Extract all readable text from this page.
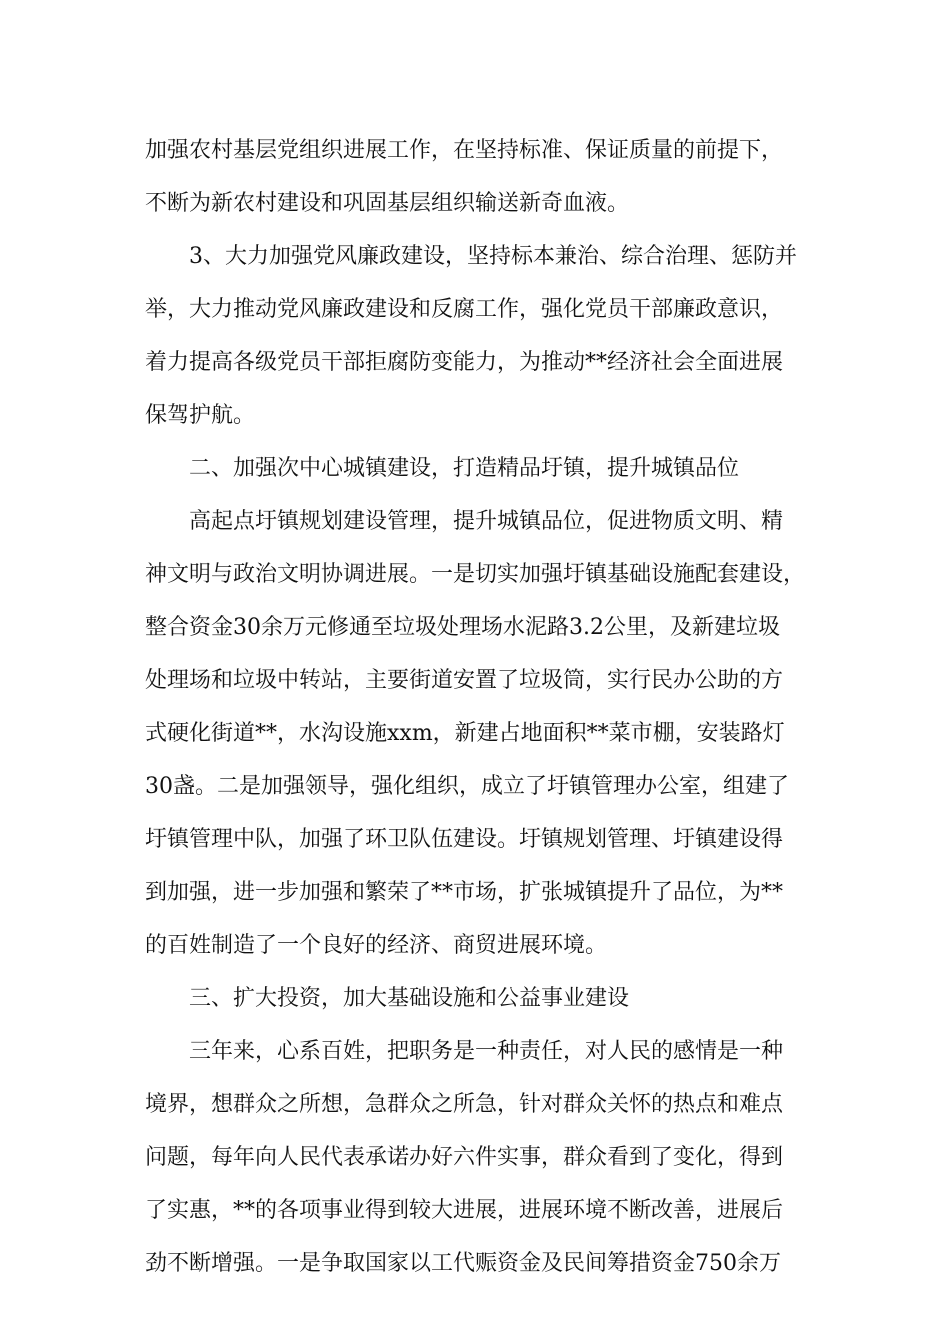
加强农村基层党组织进展工作，在坚持标准、保证质量的前提下，

不断为新农村建设和巩固基层组织输送新奇血液。

3、大力加强党风廉政建设，坚持标本兼治、综合治理、惩防并

举，大力推动党风廉政建设和反腐工作，强化党员干部廉政意识，

着力提高各级党员干部拒腐防变能力，为推动**经济社会全面进展

保驾护航。

二、加强次中心城镇建设，打造精品圩镇，提升城镇品位

高起点圩镇规划建设管理，提升城镇品位，促进物质文明、精

神文明与政治文明协调进展。一是切实加强圩镇基础设施配套建设，

整合资金30余万元修通至垃圾处理场水泥路3.2公里，及新建垃圾

处理场和垃圾中转站，主要街道安置了垃圾筒，实行民办公助的方

式硬化街道**，水沟设施xxm，新建占地面积**菜市棚，安装路灯

30盏。二是加强领导，强化组织，成立了圩镇管理办公室，组建了

圩镇管理中队，加强了环卫队伍建设。圩镇规划管理、圩镇建设得

到加强，进一步加强和繁荣了**市场，扩张城镇提升了品位，为**

的百姓制造了一个良好的经济、商贸进展环境。

三、扩大投资，加大基础设施和公益事业建设

三年来，心系百姓，把职务是一种责任，对人民的感情是一种

境界，想群众之所想，急群众之所急，针对群众关怀的热点和难点

问题，每年向人民代表承诺办好六件实事，群众看到了变化，得到

了实惠，**的各项事业得到较大进展，进展环境不断改善，进展后

劲不断增强。一是争取国家以工代赈资金及民间筹措资金750余万
